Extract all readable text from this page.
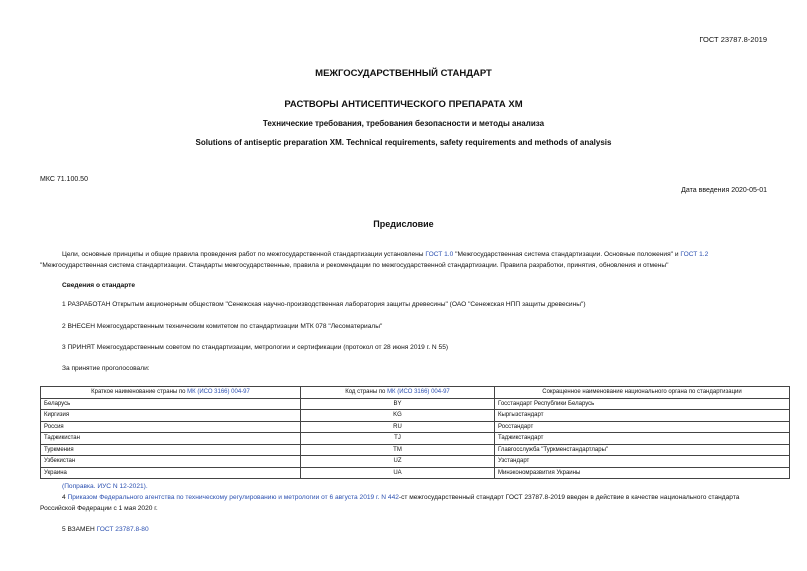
ГОСТ 23787.8-2019
МЕЖГОСУДАРСТВЕННЫЙ СТАНДАРТ
РАСТВОРЫ АНТИСЕПТИЧЕСКОГО ПРЕПАРАТА ХМ
Технические требования, требования безопасности и методы анализа
Solutions of antiseptic preparation XM. Technical requirements, safety requirements and methods of analysis
МКС 71.100.50
Дата введения 2020-05-01
Предисловие
Цели, основные принципы и общие правила проведения работ по межгосударственной стандартизации установлены ГОСТ 1.0 "Межгосударственная система стандартизации. Основные положения" и ГОСТ 1.2 "Межгосударственная система стандартизации. Стандарты межгосударственные, правила и рекомендации по межгосударственной стандартизации. Правила разработки, принятия, обновления и отмены"
Сведения о стандарте
1 РАЗРАБОТАН Открытым акционерным обществом "Сенежская научно-производственная лаборатория защиты древесины" (ОАО "Сенежская НПП защиты древесины")
2 ВНЕСЕН Межгосударственным техническим комитетом по стандартизации МТК 078 "Лесоматериалы"
3 ПРИНЯТ Межгосударственным советом по стандартизации, метрологии и сертификации (протокол от 28 июня 2019 г. N 55)
За принятие проголосовали:
Краткое наименование страны по МК (ИСО 3166) 004-97	Код страны по МК (ИСО 3166) 004-97	Сокращенное наименование национального органа по стандартизации
Беларусь	BY	Госстандарт Республики Беларусь
Киргизия	KG	Кыргызстандарт
Россия	RU	Росстандарт
Таджикистан	TJ	Таджикстандарт
Туркмения	TM	Главгосслужба "Туркменстандартлары"
Узбекистан	UZ	Узстандарт
Украина	UA	Минэкономразвития Украины
(Поправка. ИУС N 12-2021).
4 Приказом Федерального агентства по техническому регулированию и метрологии от 6 августа 2019 г. N 442-ст межгосударственный стандарт ГОСТ 23787.8-2019 введен в действие в качестве национального стандарта Российской Федерации с 1 мая 2020 г.
5 ВЗАМЕН ГОСТ 23787.8-80
